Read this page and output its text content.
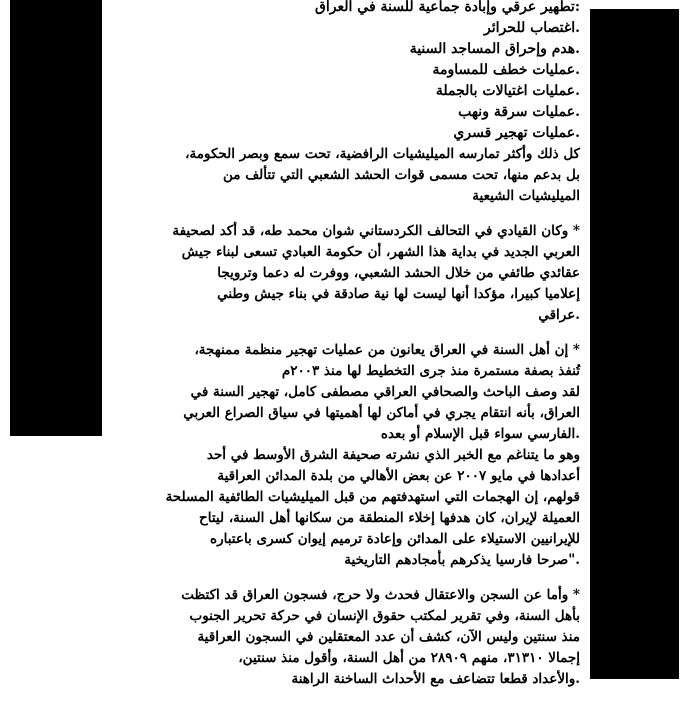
:تطهير عرقي وإبادة جماعية للسنة في العراق
.اغتصاب للحرائر
.هدم وإحراق المساجد السنية
.عمليات خطف للمساومة
.عمليات اغتيالات بالجملة
.عمليات سرقة ونهب
.عمليات تهجير قسري
كل ذلك وأكثر تمارسه الميليشيات الرافضية، تحت سمع وبصر الحكومة،
بل بدعم منها، تحت مسمى قوات الحشد الشعبي التي تتألف من
الميليشيات الشيعية
* وكان القيادي في التحالف الكردستاني شوان محمد طه، قد أكد لصحيفة
العربي الجديد في بداية هذا الشهر، أن حكومة العبادي تسعى لبناء جيش
عقائدي طائفي من خلال الحشد الشعبي، ووفرت له دعما وترويجا
إعلاميا كبيرا، مؤكدا أنها ليست لها نية صادقة في بناء جيش وطني
.عراقي
* إن أهل السنة في العراق يعانون من عمليات تهجير منظمة ممنهجة،
تُنفذ بصفة مستمرة منذ جرى التخطيط لها منذ ٢٠٠٣م
لقد وصف الباحث والصحافي العراقي مصطفى كامل، تهجير السنة في
العراق، بأنه انتقام يجري في أماكن لها أهميتها في سياق الصراع العربي
.الفارسي سواء قبل الإسلام أو بعده
وهو ما يتناغم مع الخبر الذي نشرته صحيفة الشرق الأوسط في أحد
أعدادها في مايو ٢٠٠٧ عن بعض الأهالي من بلدة المدائن العراقية
قولهم، إن الهجمات التي استهدفتهم من قبل الميليشيات الطائفية المسلحة
العميلة لإيران، كان هدفها إخلاء المنطقة من سكانها أهل السنة، ليتاح
للإيرانيين الاستيلاء على المدائن وإعادة ترميم إيوان كسرى باعتباره
."صرحا فارسيا يذكرهم بأمجادهم التاريخية
* وأما عن السجن والاعتقال فحدث ولا حرج، فسجون العراق قد اكتظت
بأهل السنة، وفي تقرير لمكتب حقوق الإنسان في حركة تحرير الجنوب
منذ سنتين وليس الآن، كشف أن عدد المعتقلين في السجون العراقية
إجمالا ٣١٣١٠، منهم ٢٨٩٠٩ من أهل السنة، وأقول منذ سنتين،
.والأعداد قطعا تتضاعف مع الأحداث الساخنة الراهنة
